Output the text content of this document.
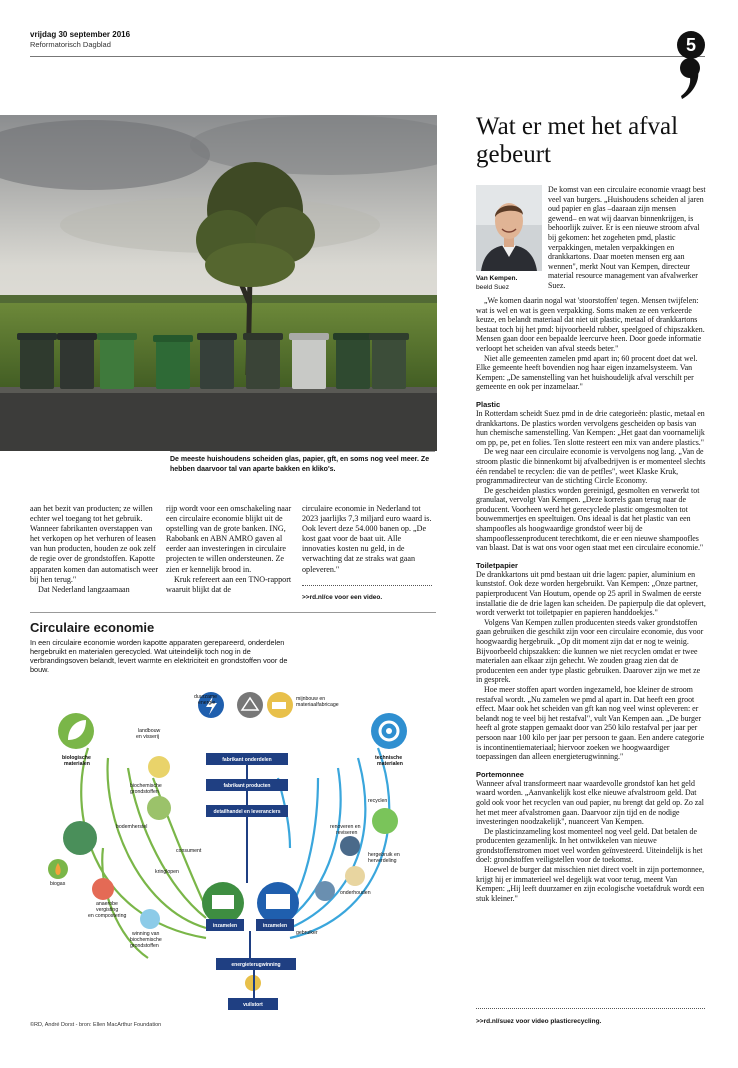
vrijdag 30 september 2016
Reformatorisch Dagblad	5
De meeste huishoudens scheiden glas, papier, gft, en soms nog veel meer. Ze hebben daarvoor tal van aparte bakken en kliko's.

aan het bezit van producten; ze willen echter wel toegang tot het gebruik. Wanneer fabrikanten overstappen van het verkopen op het verhuren of leasen van hun producten, houden ze ook zelf de regie over de grondstoffen. Kapotte apparaten komen dan automatisch weer bij hen terug."

Dat Nederland langzaamaan

rijp wordt voor een omschakeling naar een circulaire economie blijkt uit de opstelling van de grote banken. ING, Rabobank en ABN AMRO gaven al eerder aan investeringen in circulaire projecten te willen ondersteunen. Ze zien er kennelijk brood in.

Kruk refereert aan een TNO-rapport waaruit blijkt dat de

circulaire economie in Nederland tot 2023 jaarlijks 7,3 miljard euro waard is. Ook levert deze 54.000 banen op. „De kost gaat voor de baat uit. Alle innovaties kosten nu geld, in de verwachting dat ze straks wat gaan opleveren."

>>rd.nl/ce voor een video.
Wat er met het afval gebeurt
Van Kempen.
beeld Suez

De komst van een circulaire economie vraagt best veel van burgers. „Huishoudens scheiden al jaren oud papier en glas –daaraan zijn mensen gewend– en wat wij daarvan binnenkrijgen, is behoorlijk zuiver. Er is een nieuwe stroom afval bij gekomen: het zogeheten pmd, plastic verpakkingen, metalen verpakkingen en drankkartons. Daar moeten mensen erg aan wennen", merkt Nout van Kempen, directeur material resource management van afvalwerker Suez.

„We komen daarin nogal wat 'stoorstoffen' tegen. Mensen twijfelen: wat is wel en wat is geen verpakking. Soms maken ze een verkeerde keuze, en belandt materiaal dat niet uit plastic, metaal of drankkartons bestaat toch bij het pmd: bijvoorbeeld rubber, speelgoed of chipszakken. Mensen gaan door een bepaalde leercurve heen. Door goede informatie verloopt het scheiden van afval steeds beter."

Niet alle gemeenten zamelen pmd apart in; 60 procent doet dat wel. Elke gemeente heeft bovendien nog haar eigen inzamelsysteem. Van Kempen: „De samenstelling van het huishoudelijk afval verschilt per gemeente en ook per inzamelaar."

Plastic

In Rotterdam scheidt Suez pmd in de drie categorieën: plastic, metaal en drankkartons. De plastics worden vervolgens gescheiden op basis van hun chemische samenstelling. Van Kempen: „Het gaat dan voornamelijk om pp, pe, pet en folies. Ten slotte resteert een mix van andere plastics."

De weg naar een circulaire economie is vervolgens nog lang. „Van de stroom plastic die binnenkomt bij afvalbedrijven is er momenteel slechts één rendabel te recyclen: die van de petfles", weet Klaske Kruk, programmadirecteur van de stichting Circle Economy.

De gescheiden plastics worden gereinigd, gesmolten en verwerkt tot granulaat, vervolgt Van Kempen. „Deze korrels gaan terug naar de producent. Voorheen werd het gerecyclede plastic omgesmolten tot bouwemmertjes en speeltuigen. Ons ideaal is dat het plastic van een shampoofles als hoogwaardige grondstof weer bij de shampooflessenproducent terechtkomt, die er een nieuwe shampoofles van blaast. Dat is wat ons voor ogen staat met een circulaire economie."

Toiletpapier

De drankkartons uit pmd bestaan uit drie lagen: papier, aluminium en kunststof. Ook deze worden hergebruikt. Van Kempen: „Onze partner, papierproducent Van Houtum, opende op 25 april in Swalmen de eerste installatie die de drie lagen kan scheiden. De papierpulp die dat oplevert, wordt verwerkt tot toiletpapier en papieren handdoekjes."

Volgens Van Kempen zullen producenten steeds vaker grondstoffen gaan gebruiken die geschikt zijn voor een circulaire economie, dus voor hoogwaardig hergebruik. „Op dit moment zijn dat er nog te weinig. Bijvoorbeeld chipszakken: die kunnen we niet recyclen omdat er twee materialen aan elkaar zijn gehecht. We zouden graag zien dat de producenten een ander type plastic gebruiken. Daarover zijn we met ze in gesprek.

Hoe meer stoffen apart worden ingezameld, hoe kleiner de stroom restafval wordt. „Nu zamelen we pmd al apart in. Dat heeft een groot effect. Maar ook het scheiden van gft kan nog veel winst opleveren: er belandt nog te veel bij het restafval", vult Van Kempen aan. „De burger heeft al grote stappen gemaakt door van 250 kilo restafval per jaar per persoon naar 100 kilo per jaar per persoon te gaan. Een andere categorie is incontinentiemateriaal; hiervoor zoeken we hoogwaardiger toepassingen dan alleen energieterugwinning."

Portemonnee

Wanneer afval transformeert naar waardevolle grondstof kan het geld waard worden. „Aanvankelijk kost elke nieuwe afvalstroom geld. Dat gold ook voor het recyclen van oud papier, nu brengt dat geld op. Zo zal het met meer afvalstromen gaan. Daarvoor zijn tijd en de nodige investeringen noodzakelijk", nuanceert Van Kempen.

De plasticinzameling kost momenteel nog veel geld. Dat betalen de producenten gezamenlijk. In het ontwikkelen van nieuwe grondstoffenstromen moet veel worden geïnvesteerd. Uiteindelijk is het doel: grondstoffen veiligstellen voor de toekomst.

Hoewel de burger dat misschien niet direct voelt in zijn portemonnee, krijgt hij er immaterieel wel degelijk wat voor terug, meent Van Kempen: „Hij leeft duurzamer en zijn ecologische voetafdruk wordt een stuk kleiner."

>>rd.nl/suez voor video plasticrecycling.
Circulaire economie
In een circulaire economie worden kapotte apparaten gerepareerd, onderdelen hergebruikt en materialen gerecycled. Wat uiteindelijk toch nog in de verbrandingsoven belandt, levert warmte en elektriciteit en grondstoffen voor de bouw.
duurzame
energie
mijnbouw en
materiaalfabricage
biologische
materialen
technische
materialen
landbouw
en visserij
biochemische
grondstoffen
bodemherstel
biogas
anaerobe
vergisting
en compostering
winning van
biochemische
grondstoffen
kringlopen
consument
gebruiker
recyclen
renoveren en
reviseren
hergebruik en
herverdeling
onderhouden
fabrikant onderdelen
fabrikant producten
detailhandel en leveranciers
inzamelen	inzamelen
energieterugwinning
vuilstort
©RD, André Dorst - bron: Ellen MacArthur Foundation
